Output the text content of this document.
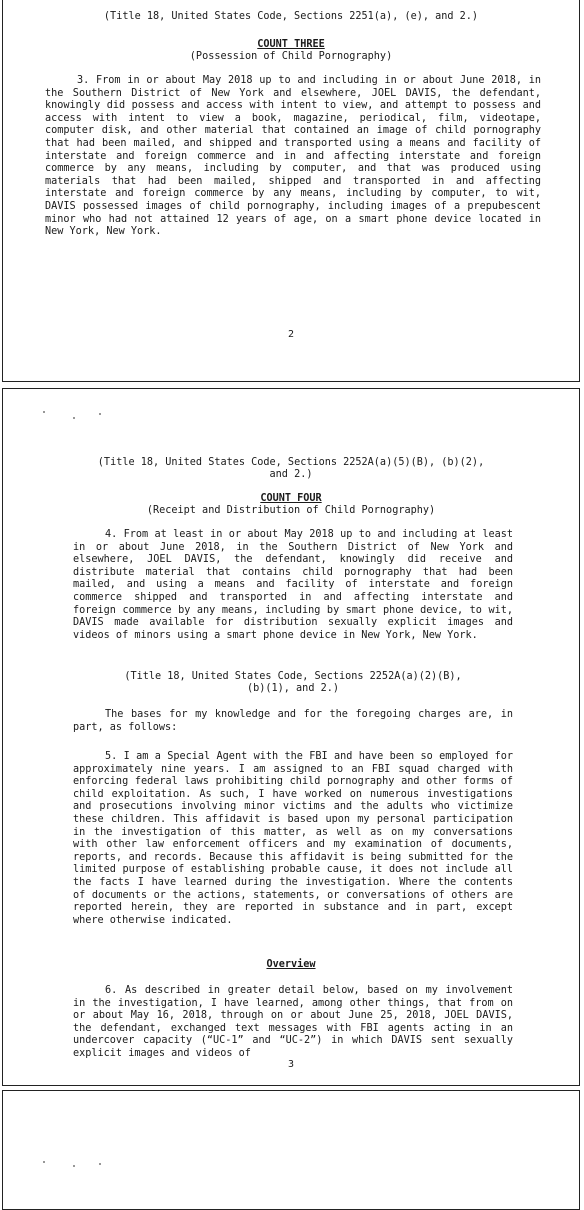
(Title 18, United States Code, Sections 2251(a), (e), and 2.)
COUNT THREE
(Possession of Child Pornography)
3. From in or about May 2018 up to and including in or about June 2018, in the Southern District of New York and elsewhere, JOEL DAVIS, the defendant, knowingly did possess and access with intent to view, and attempt to possess and access with intent to view a book, magazine, periodical, film, videotape, computer disk, and other material that contained an image of child pornography that had been mailed, and shipped and transported using a means and facility of interstate and foreign commerce and in and affecting interstate and foreign commerce by any means, including by computer, and that was produced using materials that had been mailed, shipped and transported in and affecting interstate and foreign commerce by any means, including by computer, to wit, DAVIS possessed images of child pornography, including images of a prepubescent minor who had not attained 12 years of age, on a smart phone device located in New York, New York.
2
(Title 18, United States Code, Sections 2252A(a)(5)(B), (b)(2),
and 2.)
COUNT FOUR
(Receipt and Distribution of Child Pornography)
4. From at least in or about May 2018 up to and including at least in or about June 2018, in the Southern District of New York and elsewhere, JOEL DAVIS, the defendant, knowingly did receive and distribute material that contains child pornography that had been mailed, and using a means and facility of interstate and foreign commerce shipped and transported in and affecting interstate and foreign commerce by any means, including by smart phone device, to wit, DAVIS made available for distribution sexually explicit images and videos of minors using a smart phone device in New York, New York.
(Title 18, United States Code, Sections 2252A(a)(2)(B),
(b)(1), and 2.)
The bases for my knowledge and for the foregoing charges are, in part, as follows:
5. I am a Special Agent with the FBI and have been so employed for approximately nine years. I am assigned to an FBI squad charged with enforcing federal laws prohibiting child pornography and other forms of child exploitation. As such, I have worked on numerous investigations and prosecutions involving minor victims and the adults who victimize these children. This affidavit is based upon my personal participation in the investigation of this matter, as well as on my conversations with other law enforcement officers and my examination of documents, reports, and records. Because this affidavit is being submitted for the limited purpose of establishing probable cause, it does not include all the facts I have learned during the investigation. Where the contents of documents or the actions, statements, or conversations of others are reported herein, they are reported in substance and in part, except where otherwise indicated.
Overview
6. As described in greater detail below, based on my involvement in the investigation, I have learned, among other things, that from on or about May 16, 2018, through on or about June 25, 2018, JOEL DAVIS, the defendant, exchanged text messages with FBI agents acting in an undercover capacity (“UC-1” and “UC-2”) in which DAVIS sent sexually explicit images and videos of
3
